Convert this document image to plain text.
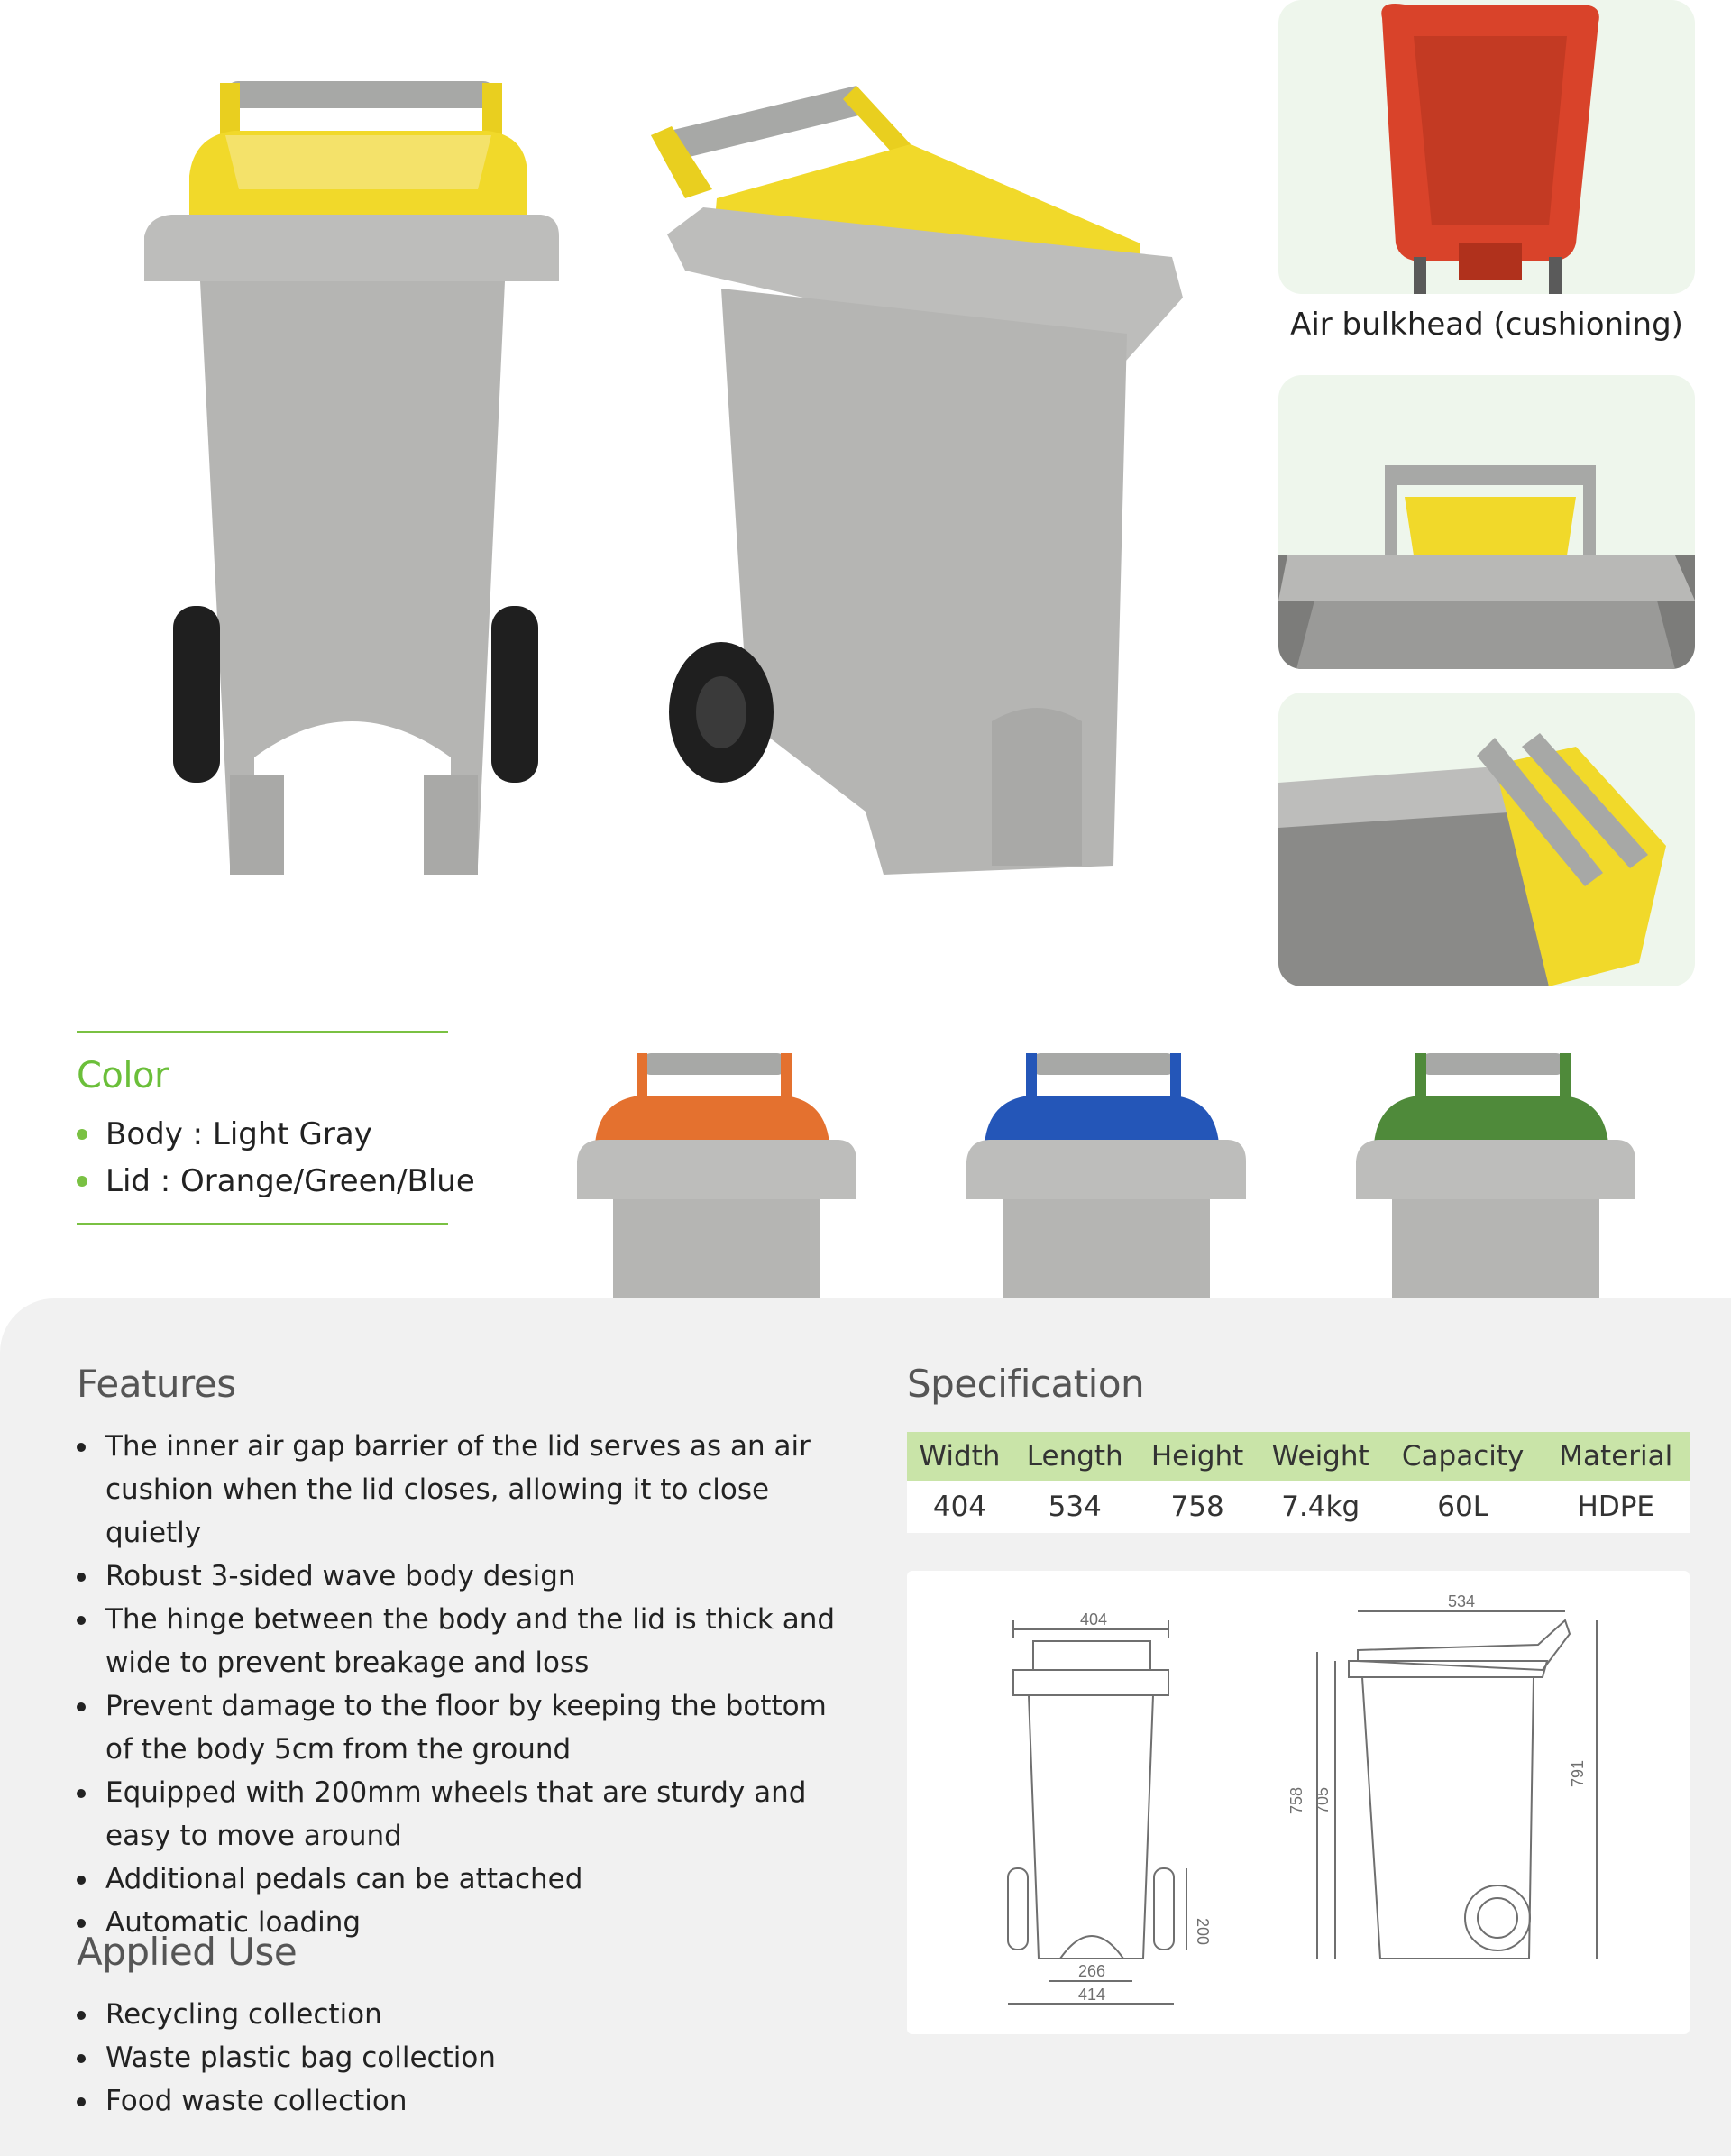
Air bulkhead (cushioning)
Color
Body : Light Gray
Lid : Orange/Green/Blue
Features
The inner air gap barrier of the lid serves as an air cushion when the lid closes, allowing it to close quietly
Robust 3-sided wave body design
The hinge between the body and the lid is thick and wide to prevent breakage and loss
Prevent damage to the floor by keeping the bottom of the body 5cm from the ground
Equipped with 200mm wheels that are sturdy and easy to move around
Additional pedals can be attached
Automatic loading
Applied Use
Recycling collection
Waste plastic bag collection
Food waste collection
Specification
Width	Length	Height	Weight	Capacity	Material
404	534	758	7.4kg	60L	HDPE
404
200
266
414
534
758 705
791
